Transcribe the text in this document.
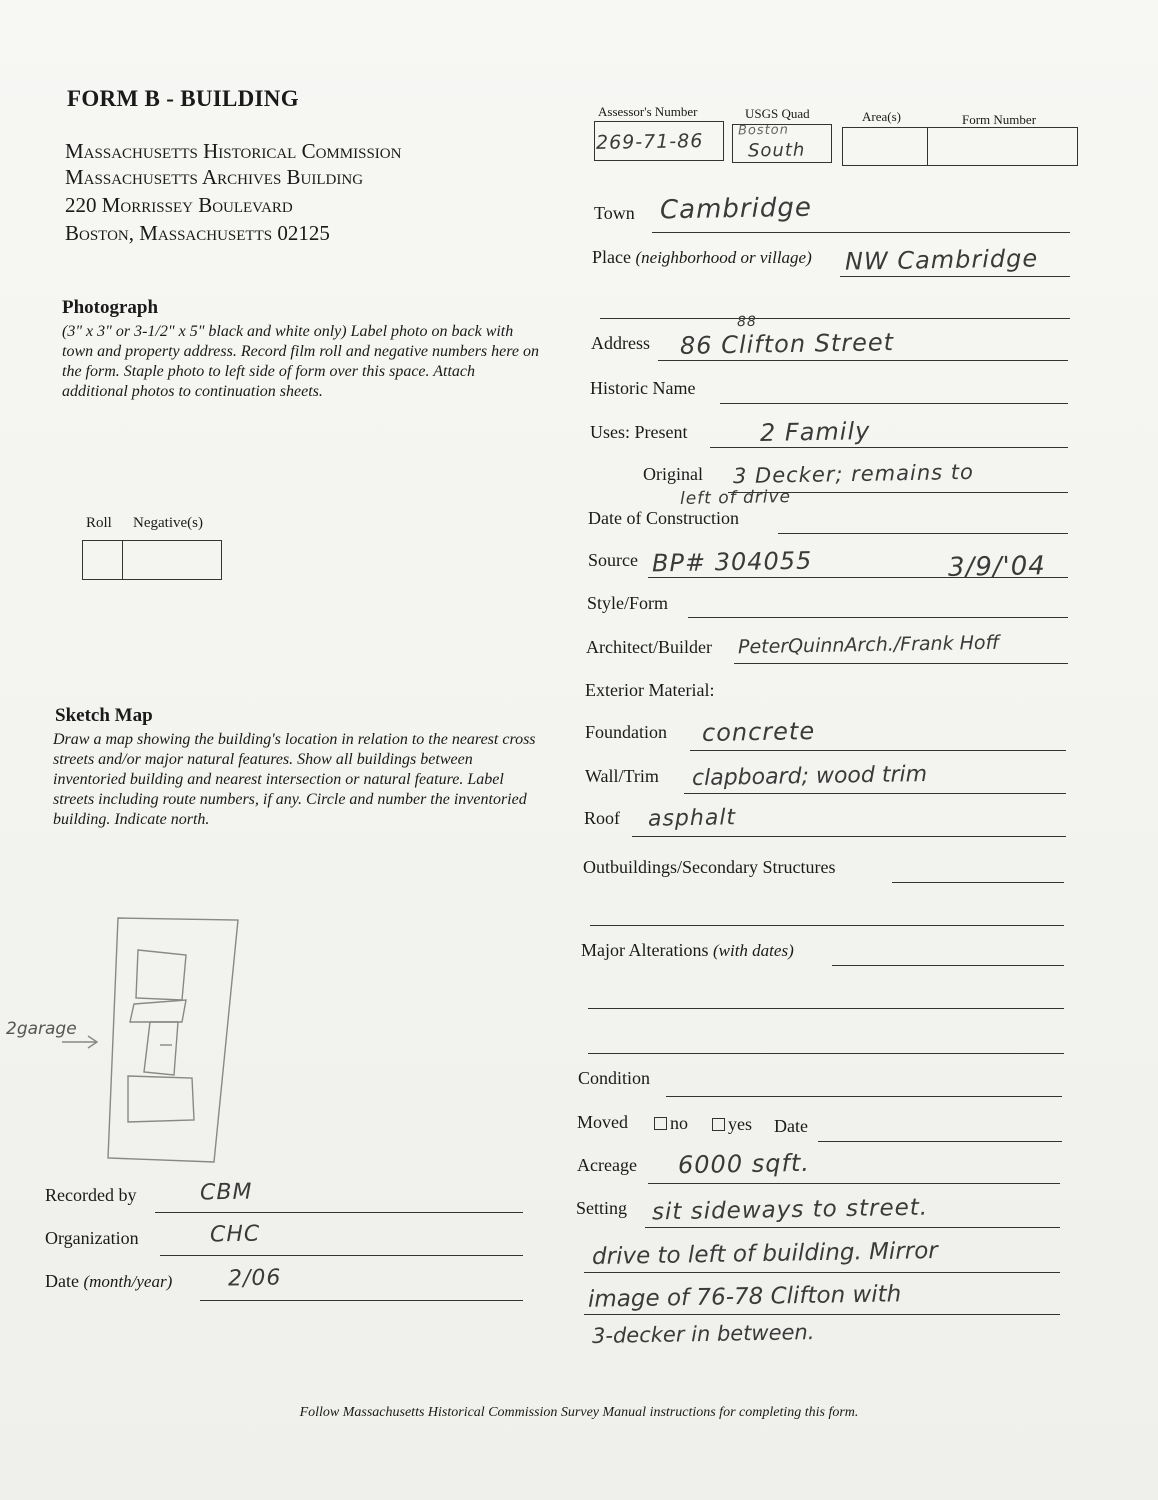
FORM B - BUILDING
Massachusetts Historical Commission
Massachusetts Archives Building
220 Morrissey Boulevard
Boston, Massachusetts 02125
Photograph
(3" x 3" or 3-1/2" x 5" black and white only) Label photo on back with town and property address. Record film roll and negative numbers here on the form. Staple photo to left side of form over this space. Attach additional photos to continuation sheets.
Roll Negative(s)
Sketch Map
Draw a map showing the building's location in relation to the nearest cross streets and/or major natural features. Show all buildings between inventoried building and nearest intersection or natural feature. Label streets including route numbers, if any. Circle and number the inventoried building. Indicate north.
2garage
Recorded by	CBM
Organization	CHC
Date (month/year)	2/06
Assessor's Number	USGS Quad	Area(s)	Form Number
269-71-86	Boston
South
Town Cambridge
Place (neighborhood or village) NW Cambridge
Address
88
86 Clifton Street
Historic Name
Uses: Present	2 Family
Original 3 Decker; remains to
left of drive
Date of Construction
Source BP# 304055	3/9/'04
Style/Form
Architect/Builder PeterQuinnArch./Frank Hoff
Exterior Material:
Foundation concrete
Wall/Trim clapboard; wood trim
Roof asphalt
Outbuildings/Secondary Structures
Major Alterations (with dates)
Condition
Moved	no	yes Date
Acreage 6000 sqft.
Setting sit sideways to street.
drive to left of building. Mirror
image of 76-78 Clifton with
3-decker in between.
Follow Massachusetts Historical Commission Survey Manual instructions for completing this form.
